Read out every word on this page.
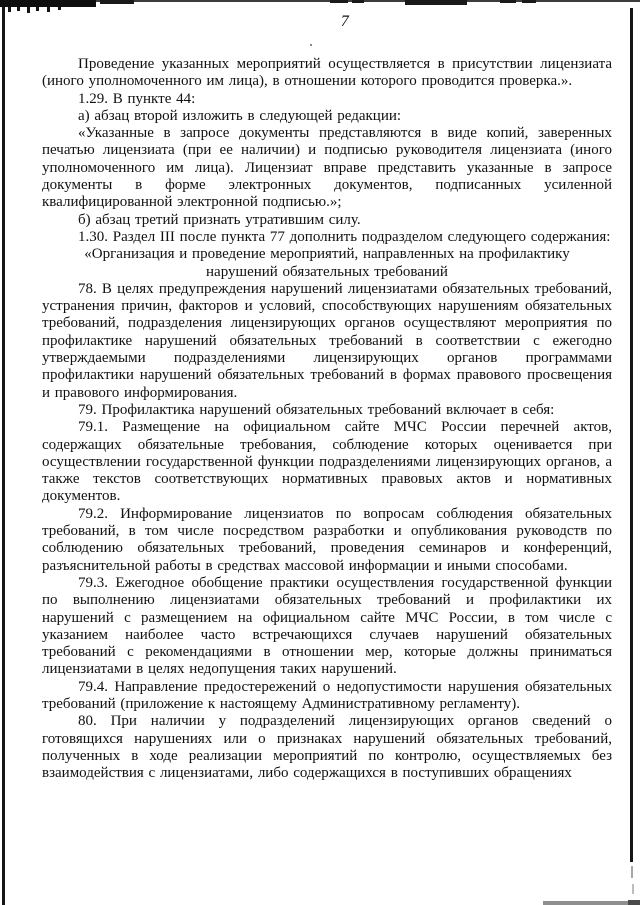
7

Проведение указанных мероприятий осуществляется в присутствии лицензиата (иного уполномоченного им лица), в отношении которого проводится проверка.».

1.29. В пункте 44:

а) абзац второй изложить в следующей редакции:

«Указанные в запросе документы представляются в виде копий, заверенных печатью лицензиата (при ее наличии) и подписью руководителя лицензиата (иного уполномоченного им лица). Лицензиат вправе представить указанные в запросе документы в форме электронных документов, подписанных усиленной квалифицированной электронной подписью.»;

б) абзац третий признать утратившим силу.

1.30. Раздел III после пункта 77 дополнить подразделом следующего содержания:

«Организация и проведение мероприятий, направленных на профилактику

нарушений обязательных требований

78. В целях предупреждения нарушений лицензиатами обязательных требований, устранения причин, факторов и условий, способствующих нарушениям обязательных требований, подразделения лицензирующих органов осуществляют мероприятия по профилактике нарушений обязательных требований в соответствии с ежегодно утверждаемыми подразделениями лицензирующих органов программами профилактики нарушений обязательных требований в формах правового просвещения и правового информирования.

79. Профилактика нарушений обязательных требований включает в себя:

79.1. Размещение на официальном сайте МЧС России перечней актов, содержащих обязательные требования, соблюдение которых оценивается при осуществлении государственной функции подразделениями лицензирующих органов, а также текстов соответствующих нормативных правовых актов и нормативных документов.

79.2. Информирование лицензиатов по вопросам соблюдения обязательных требований, в том числе посредством разработки и опубликования руководств по соблюдению обязательных требований, проведения семинаров и конференций, разъяснительной работы в средствах массовой информации и иными способами.

79.3. Ежегодное обобщение практики осуществления государственной функции по выполнению лицензиатами обязательных требований и профилактики их нарушений с размещением на официальном сайте МЧС России, в том числе с указанием наиболее часто встречающихся случаев нарушений обязательных требований с рекомендациями в отношении мер, которые должны приниматься лицензиатами в целях недопущения таких нарушений.

79.4. Направление предостережений о недопустимости нарушения обязательных требований (приложение к настоящему Административному регламенту).

80. При наличии у подразделений лицензирующих органов сведений о готовящихся нарушениях или о признаках нарушений обязательных требований, полученных в ходе реализации мероприятий по контролю, осуществляемых без взаимодействия с лицензиатами, либо содержащихся в поступивших обращениях
